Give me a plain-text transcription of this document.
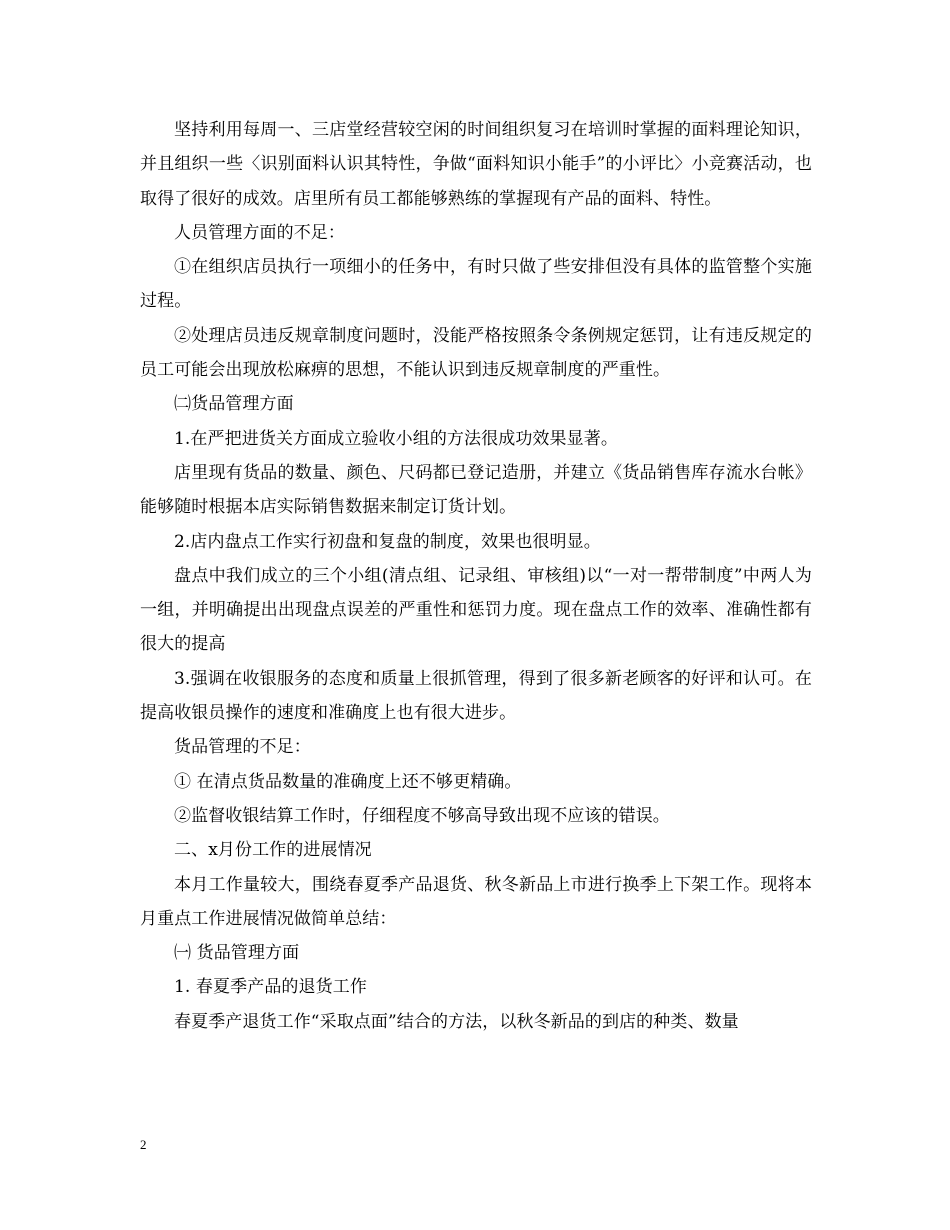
坚持利用每周一、三店堂经营较空闲的时间组织复习在培训时掌握的面料理论知识，并且组织一些〈识别面料认识其特性，争做“面料知识小能手”的小评比〉小竞赛活动，也取得了很好的成效。店里所有员工都能够熟练的掌握现有产品的面料、特性。

人员管理方面的不足：

①在组织店员执行一项细小的任务中，有时只做了些安排但没有具体的监管整个实施过程。

②处理店员违反规章制度问题时，没能严格按照条令条例规定惩罚，让有违反规定的员工可能会出现放松麻痹的思想，不能认识到违反规章制度的严重性。

㈡货品管理方面

1.在严把进货关方面成立验收小组的方法很成功效果显著。

店里现有货品的数量、颜色、尺码都已登记造册，并建立《货品销售库存流水台帐》能够随时根据本店实际销售数据来制定订货计划。

2.店内盘点工作实行初盘和复盘的制度，效果也很明显。

盘点中我们成立的三个小组(清点组、记录组、审核组)以“一对一帮带制度”中两人为一组，并明确提出出现盘点误差的严重性和惩罚力度。现在盘点工作的效率、准确性都有很大的提高

3.强调在收银服务的态度和质量上很抓管理，得到了很多新老顾客的好评和认可。在提高收银员操作的速度和准确度上也有很大进步。

货品管理的不足：

① 在清点货品数量的准确度上还不够更精确。

②监督收银结算工作时，仔细程度不够高导致出现不应该的错误。

二、x月份工作的进展情况

本月工作量较大，围绕春夏季产品退货、秋冬新品上市进行换季上下架工作。现将本月重点工作进展情况做简单总结：

㈠ 货品管理方面

1. 春夏季产品的退货工作

春夏季产退货工作“采取点面”结合的方法，以秋冬新品的到店的种类、数量

2
